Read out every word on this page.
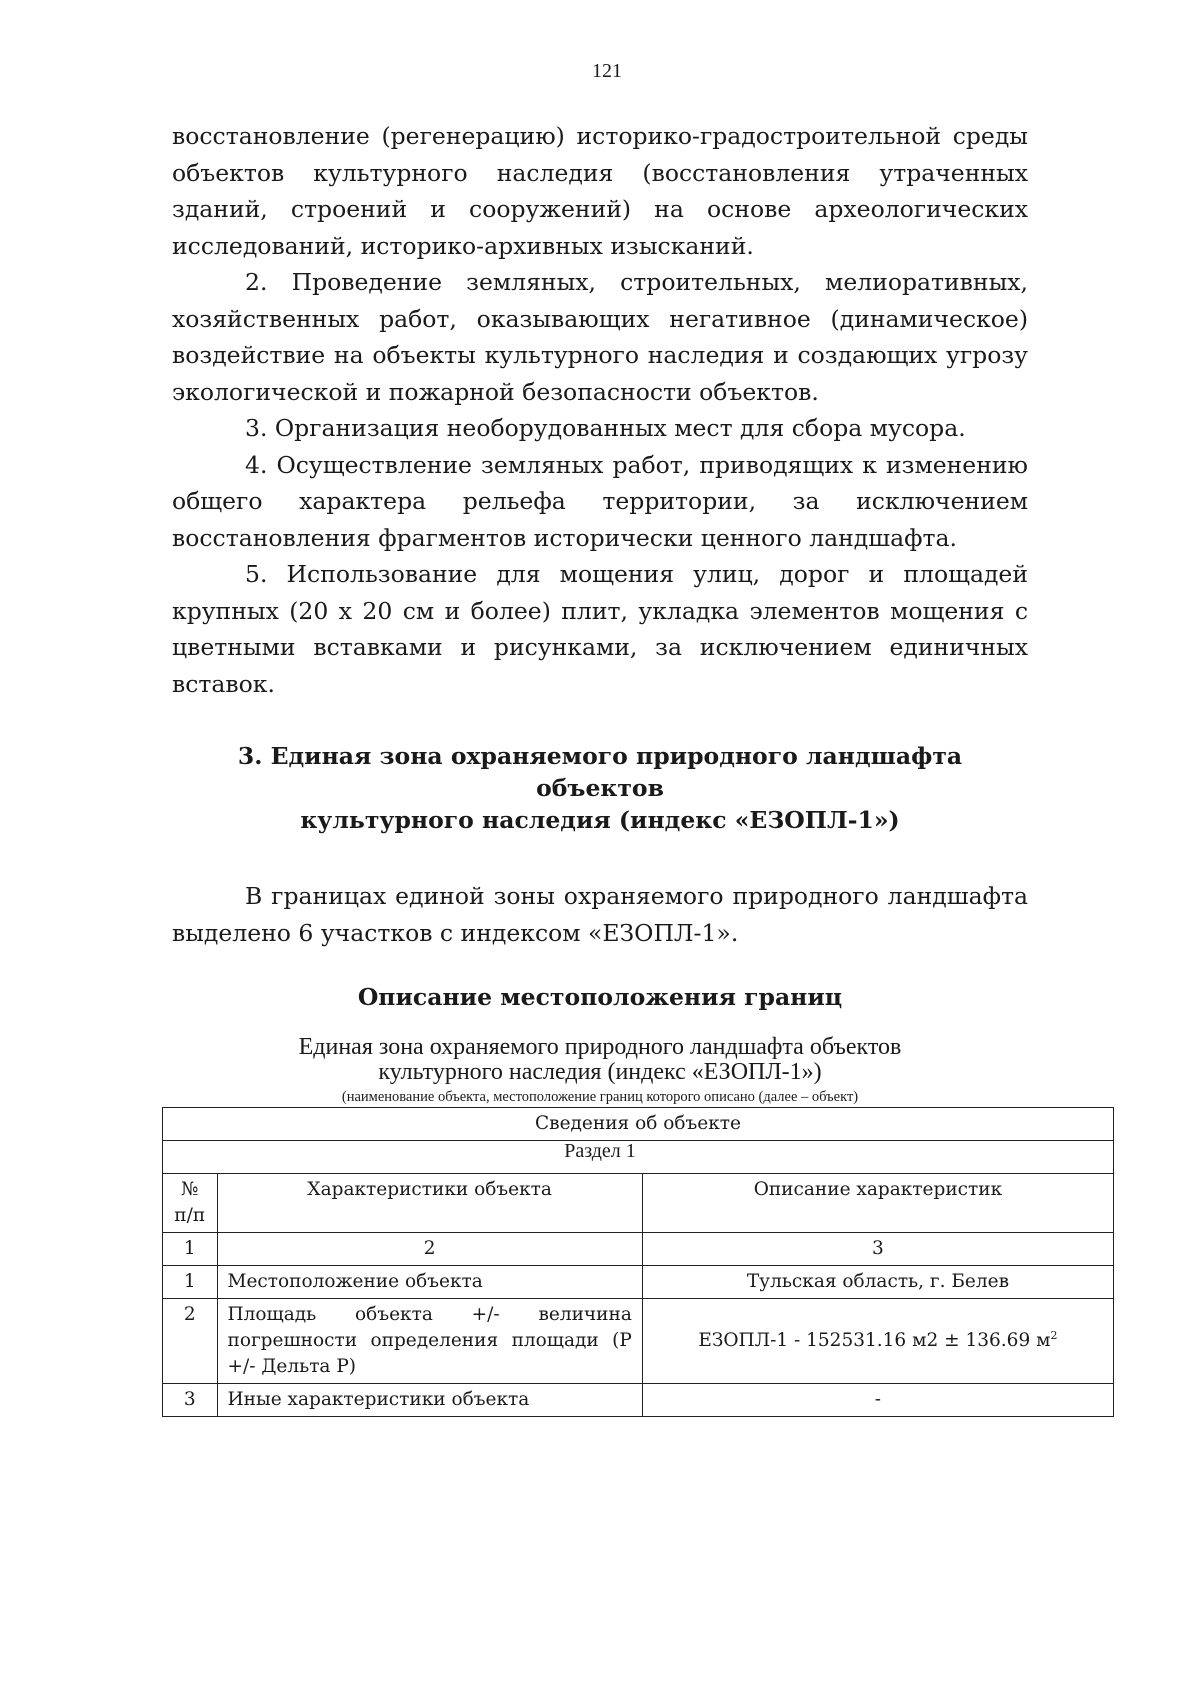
121

восстановление (регенерацию) историко-градостроительной среды объектов культурного наследия (восстановления утраченных зданий, строений и сооружений) на основе археологических исследований, историко-архивных изысканий.

2. Проведение земляных, строительных, мелиоративных, хозяйственных работ, оказывающих негативное (динамическое) воздействие на объекты культурного наследия и создающих угрозу экологической и пожарной безопасности объектов.

3. Организация необорудованных мест для сбора мусора.

4. Осуществление земляных работ, приводящих к изменению общего характера рельефа территории, за исключением восстановления фрагментов исторически ценного ландшафта.

5. Использование для мощения улиц, дорог и площадей крупных (20 х 20 см и более) плит, укладка элементов мощения с цветными вставками и рисунками, за исключением единичных вставок.

3. Единая зона охраняемого природного ландшафта объектов
культурного наследия (индекс «ЕЗОПЛ-1»)

В границах единой зоны охраняемого природного ландшафта выделено 6 участков с индексом «ЕЗОПЛ-1».

Описание местоположения границ
Единая зона охраняемого природного ландшафта объектов
культурного наследия (индекс «ЕЗОПЛ-1»)
(наименование объекта, местоположение границ которого описано (далее – объект)
Раздел 1
Сведения об объекте		

№ п/п	Характеристики объекта	Описание характеристик
1	2	3
1	Местоположение объекта	Тульская область, г. Белев
2	Площадь объекта +/- величина погрешности определения площади (Р +/- Дельта Р)	ЕЗОПЛ-1 - 152531.16 м2 ± 136.69 $м^2$
3	Иные характеристики объекта	-
